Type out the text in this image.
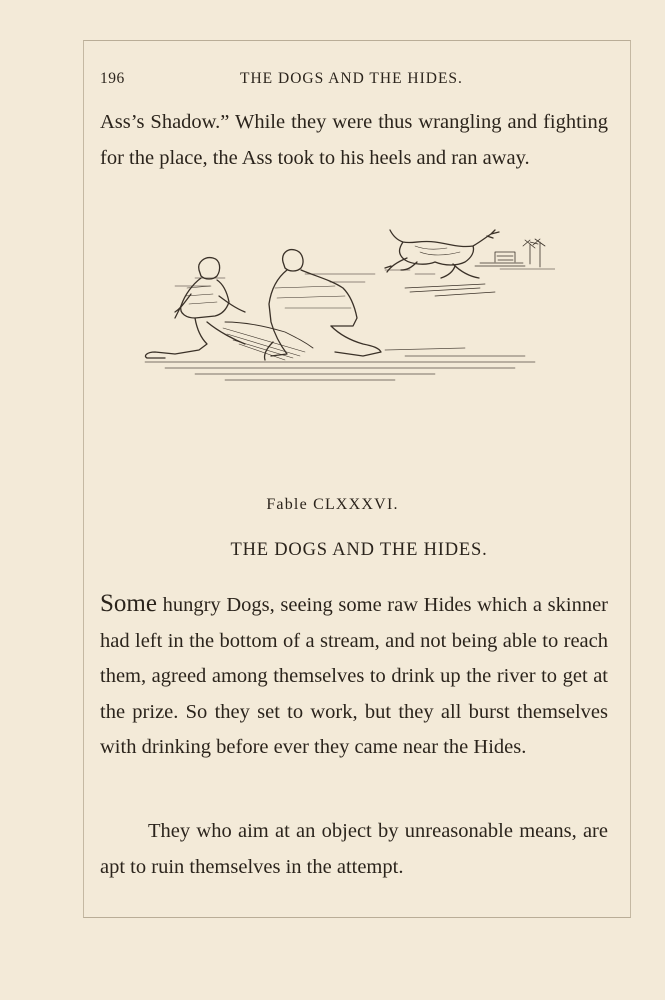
196	THE DOGS AND THE HIDES.

Ass’s Shadow.” While they were thus wrangling and fighting for the place, the Ass took to his heels and ran away.

Fable CLXXXVI.
THE DOGS AND THE HIDES.

Some hungry Dogs, seeing some raw Hides which a skinner had left in the bottom of a stream, and not being able to reach them, agreed among themselves to drink up the river to get at the prize. So they set to work, but they all burst themselves with drinking before ever they came near the Hides.

They who aim at an object by unreasonable means, are apt to ruin themselves in the attempt.
